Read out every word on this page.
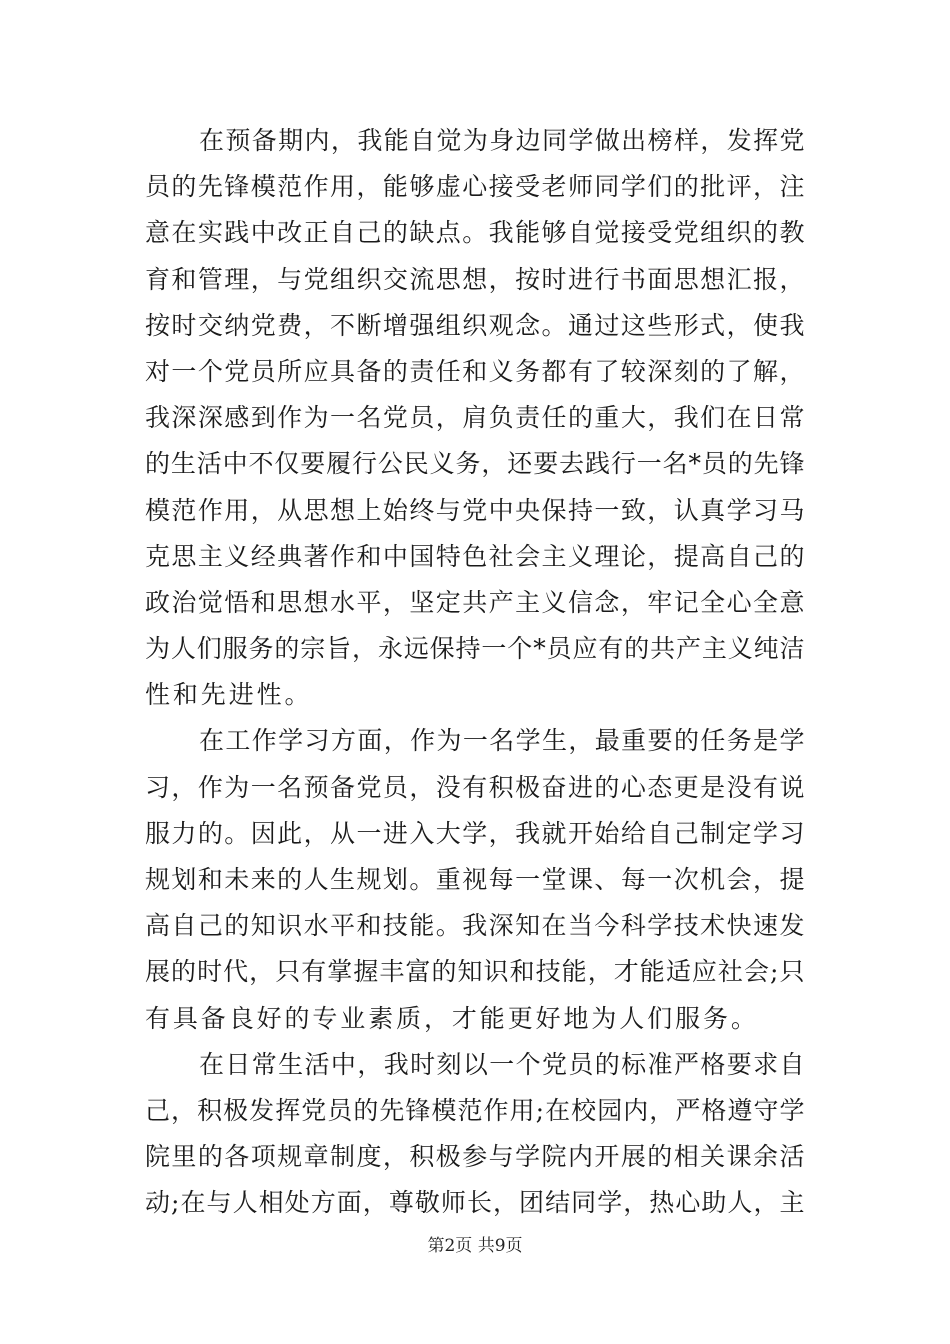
在预备期内，我能自觉为身边同学做出榜样，发挥党
员的先锋模范作用，能够虚心接受老师同学们的批评，注
意在实践中改正自己的缺点。我能够自觉接受党组织的教
育和管理，与党组织交流思想，按时进行书面思想汇报，
按时交纳党费，不断增强组织观念。通过这些形式，使我
对一个党员所应具备的责任和义务都有了较深刻的了解，
我深深感到作为一名党员，肩负责任的重大，我们在日常
的生活中不仅要履行公民义务，还要去践行一名*员的先锋
模范作用，从思想上始终与党中央保持一致，认真学习马
克思主义经典著作和中国特色社会主义理论，提高自己的
政治觉悟和思想水平，坚定共产主义信念，牢记全心全意
为人们服务的宗旨，永远保持一个*员应有的共产主义纯洁
性和先进性。
在工作学习方面，作为一名学生，最重要的任务是学
习，作为一名预备党员，没有积极奋进的心态更是没有说
服力的。因此，从一进入大学，我就开始给自己制定学习
规划和未来的人生规划。重视每一堂课、每一次机会，提
高自己的知识水平和技能。我深知在当今科学技术快速发
展的时代，只有掌握丰富的知识和技能，才能适应社会;只
有具备良好的专业素质，才能更好地为人们服务。
在日常生活中，我时刻以一个党员的标准严格要求自
己，积极发挥党员的先锋模范作用;在校园内，严格遵守学
院里的各项规章制度，积极参与学院内开展的相关课余活
动;在与人相处方面，尊敬师长，团结同学，热心助人，主
第2页 共9页
